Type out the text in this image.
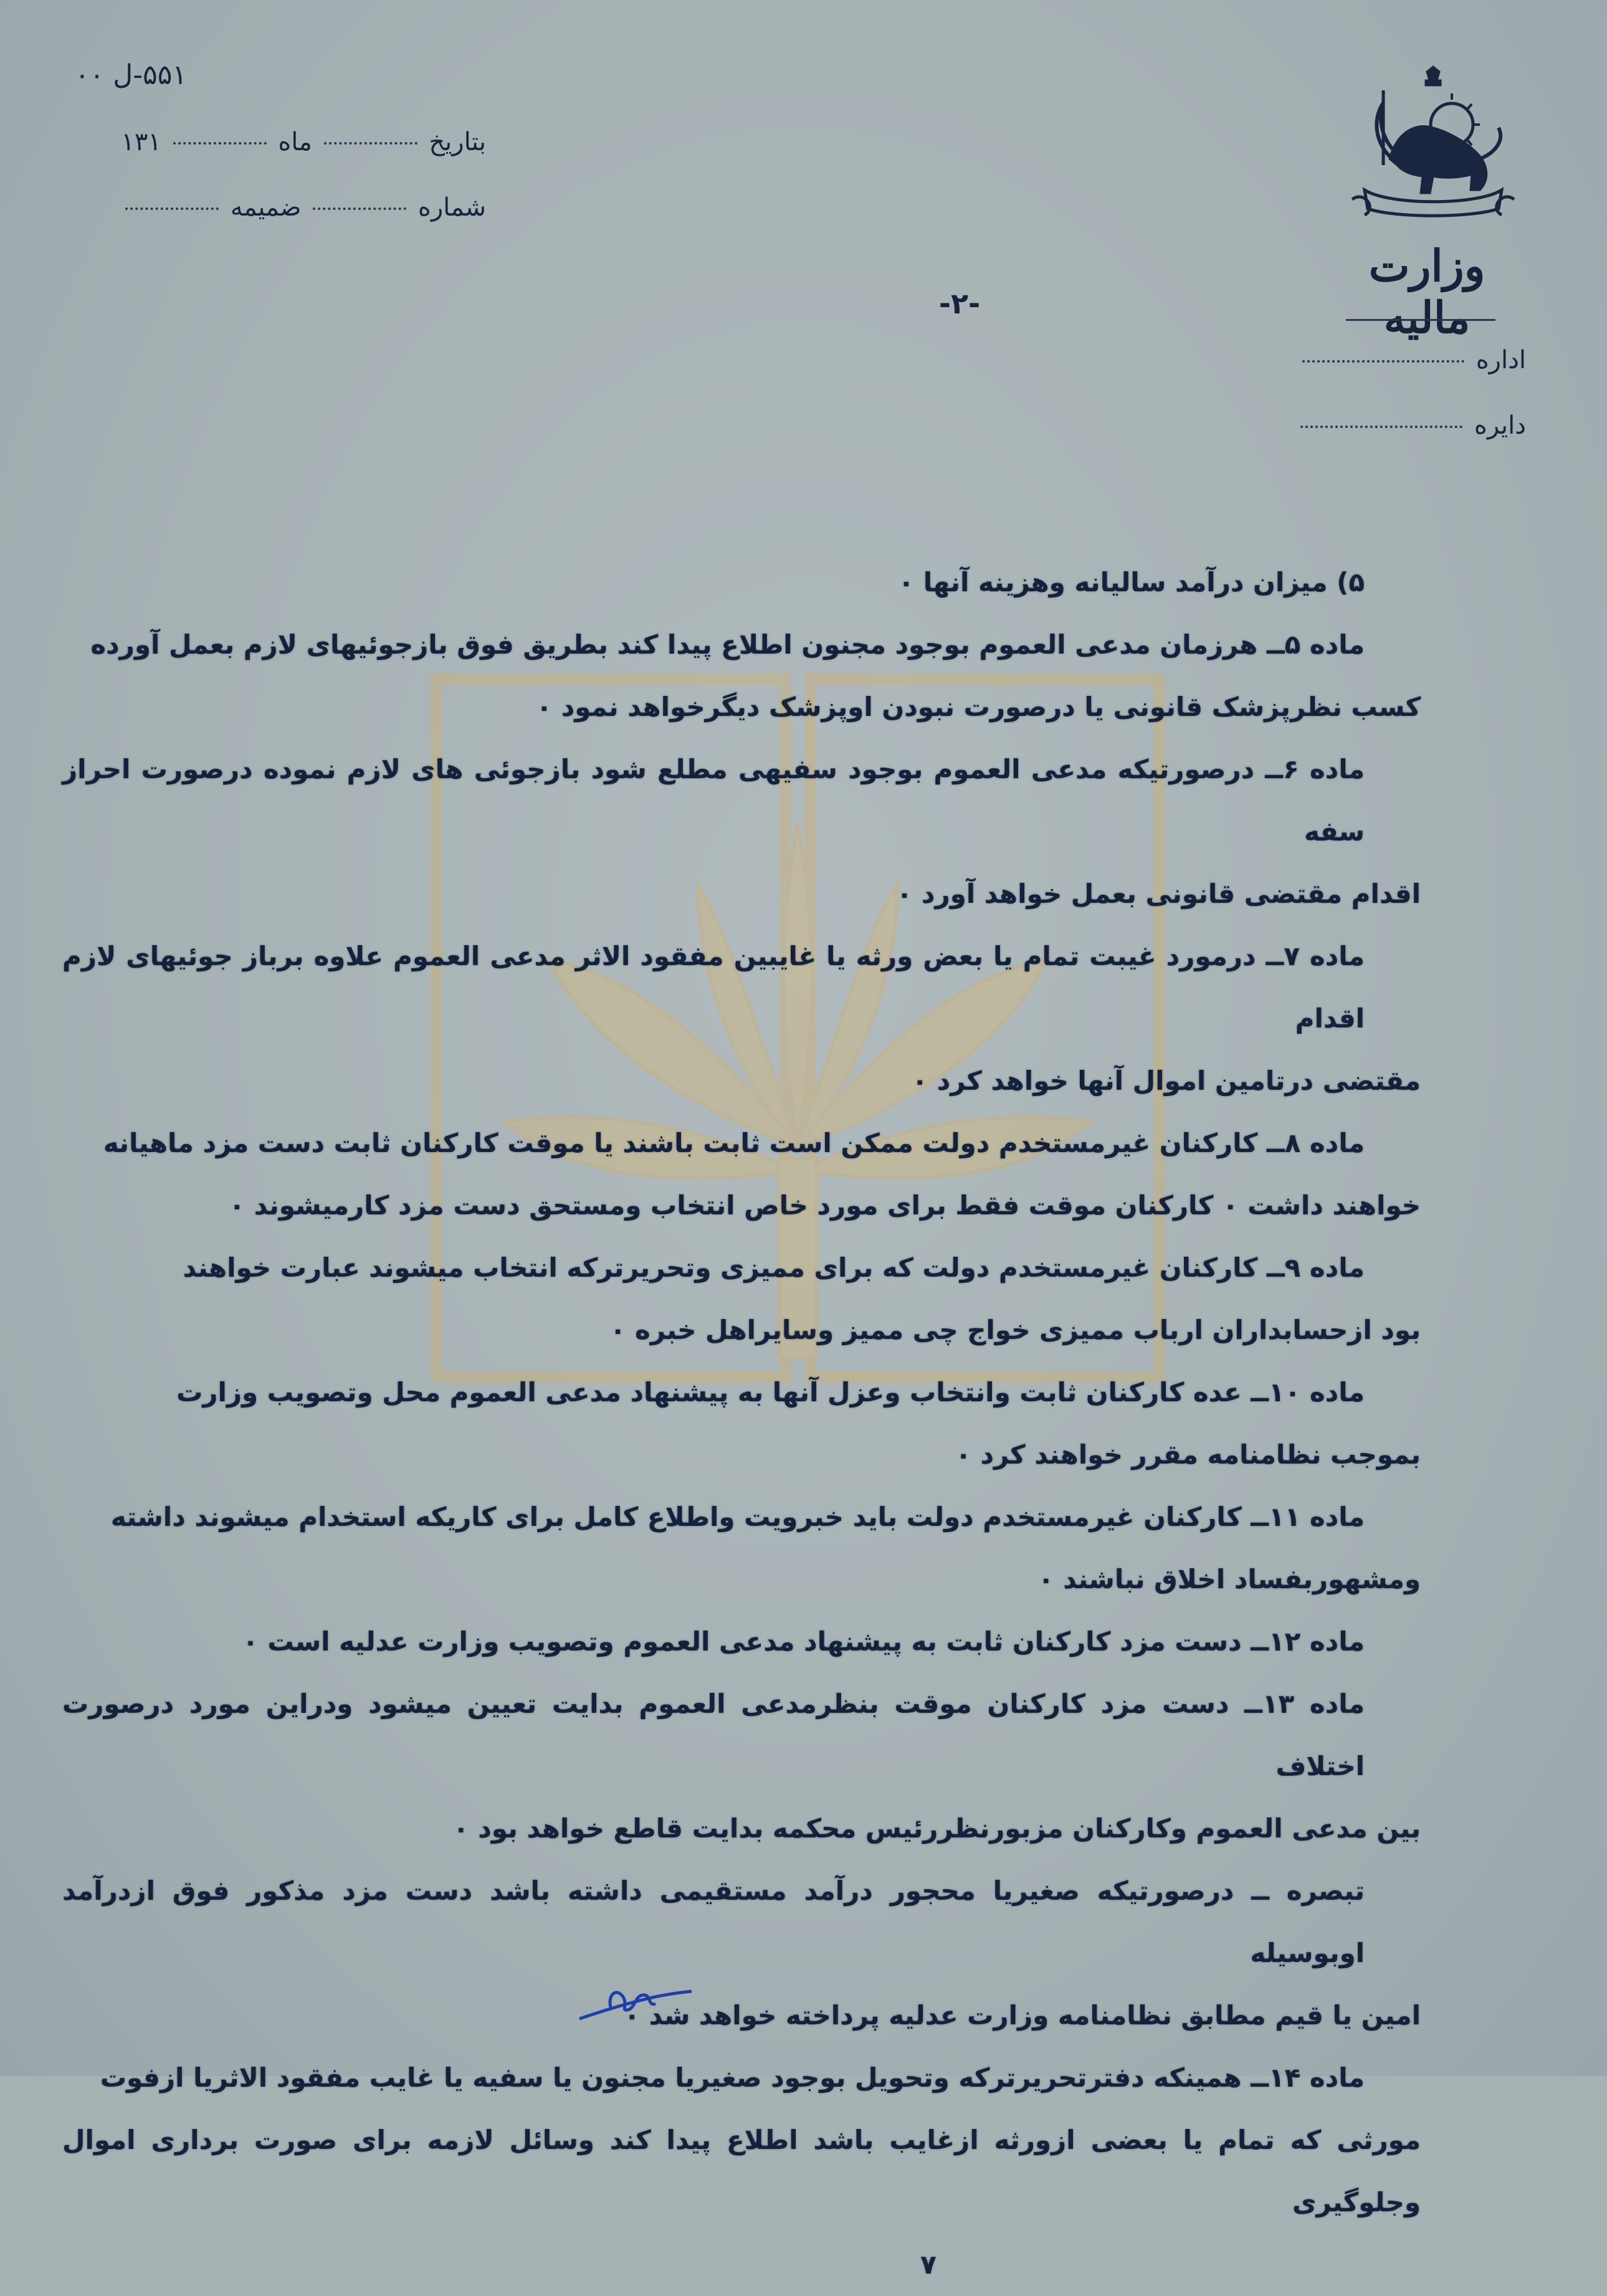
۵۵۱-ل ۰۰
بتاریخ  ماه  ۱۳۱
شماره  ضمیمه
وزارت مالیه
اداره
دایره
-۲-

۵) میزان درآمد سالیانه وهزینه آنها ٠

ماده ۵ــ هرزمان مدعی العموم بوجود مجنون اطلاع پیدا کند بطریق فوق بازجوئیهای لازم بعمل آورده

کسب نظرپزشک قانونی یا درصورت نبودن اوپزشک دیگرخواهد نمود ٠

ماده ۶ــ درصورتیکه مدعی العموم بوجود سفیهی مطلع شود بازجوئی های لازم نموده درصورت احراز سفه

اقدام مقتضی قانونی بعمل خواهد آورد ٠

ماده ۷ــ درمورد غیبت تمام یا بعض ورثه یا غایبین مفقود الاثر مدعی العموم علاوه برباز جوئیهای لازم اقدام

مقتضی درتامین اموال آنها خواهد کرد ٠

ماده ۸ــ کارکنان غیرمستخدم دولت ممکن است ثابت باشند یا موقت کارکنان ثابت دست مزد ماهیانه

خواهند داشت ٠ کارکنان موقت فقط برای مورد خاص انتخاب ومستحق دست مزد کارمیشوند ٠

ماده ۹ــ کارکنان غیرمستخدم دولت که برای ممیزی وتحریرترکه انتخاب میشوند عبارت خواهند

بود ازحسابداران ارباب ممیزی خواج چی ممیز وسایراهل خبره ٠

ماده ۱۰ــ عده کارکنان ثابت وانتخاب وعزل آنها به پیشنهاد مدعی العموم محل وتصویب وزارت

بموجب نظامنامه مقرر خواهند کرد ٠

ماده ۱۱ــ کارکنان غیرمستخدم دولت باید خبرویت واطلاع کامل برای کاریکه استخدام میشوند داشته

ومشهوربفساد اخلاق نباشند ٠

ماده ۱۲ــ دست مزد کارکنان ثابت به پیشنهاد مدعی العموم وتصویب وزارت عدلیه است ٠

ماده ۱۳ــ دست مزد کارکنان موقت بنظرمدعی العموم بدایت تعیین میشود ودراین مورد درصورت اختلاف

بین مدعی العموم وکارکنان مزبورنظررئیس محکمه بدایت قاطع خواهد بود ٠

تبصره ــ درصورتیکه صغیریا محجور درآمد مستقیمی داشته باشد دست مزد مذکور فوق ازدرآمد اوبوسیله

امین یا قیم مطابق نظامنامه وزارت عدلیه پرداخته خواهد شد ٠

ماده ۱۴ــ همینکه دفترتحریرترکه وتحویل بوجود صغیریا مجنون یا سفیه یا غایب مفقود الاثریا ازفوت

مورثی که تمام یا بعضی ازورثه ازغایب باشد اطلاع پیدا کند وسائل لازمه برای صورت برداری اموال وجلوگیری

۷
